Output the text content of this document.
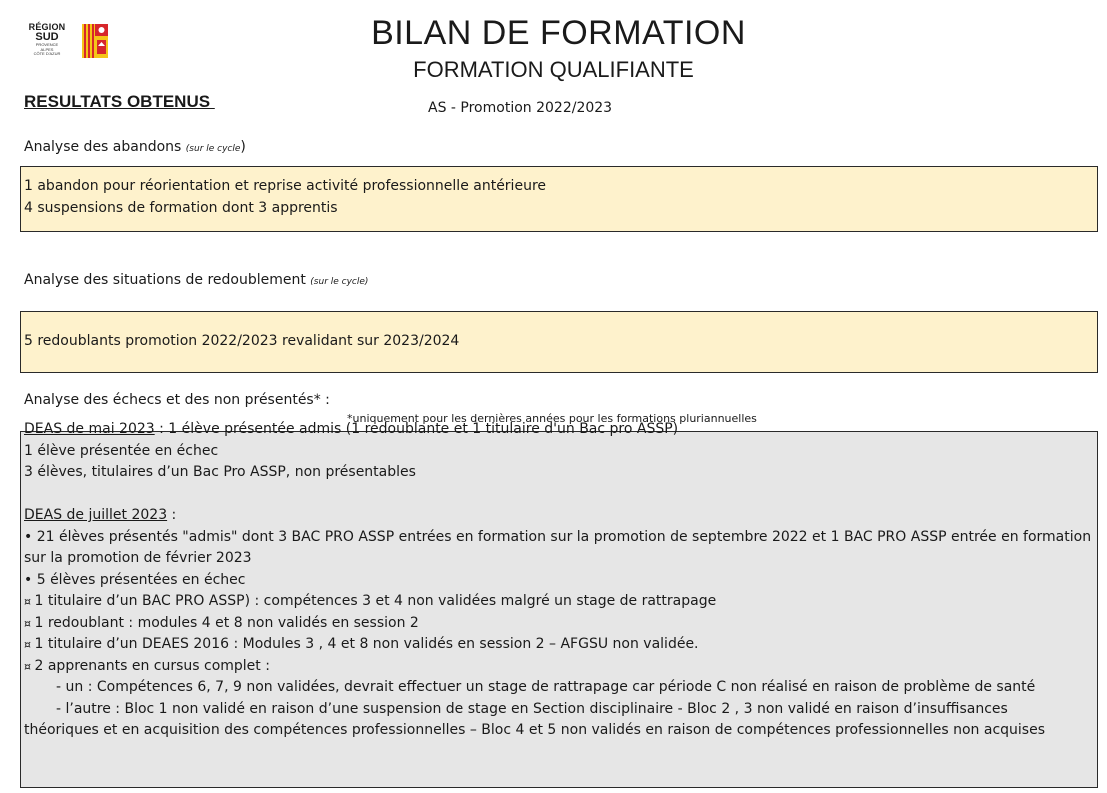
RÉGION
SUD
PROVENCE
ALPES
CÔTE D'AZUR
BILAN DE FORMATION
FORMATION QUALIFIANTE
RESULTATS OBTENUS	AS - Promotion 2022/2023
Analyse des abandons (sur le cycle)
1 abandon pour réorientation et reprise activité professionnelle antérieure
4 suspensions de formation dont 3 apprentis
Analyse des situations de redoublement (sur le cycle)
5 redoublants promotion 2022/2023 revalidant sur 2023/2024
Analyse des échecs et des non présentés* :
*uniquement pour les dernières années pour les formations pluriannuelles
DEAS de mai 2023 : 1 élève présentée admis (1 redoublante et 1 titulaire d'un Bac pro ASSP)
1 élève présentée en échec
3 élèves, titulaires d’un Bac Pro ASSP, non présentables
DEAS de juillet 2023 :
• 21 élèves présentés "admis" dont 3 BAC PRO ASSP entrées en formation sur la promotion de septembre 2022 et 1 BAC PRO ASSP entrée en formation sur la promotion de février 2023
• 5 élèves présentées en échec
¤ 1 titulaire d’un BAC PRO ASSP) : compétences 3 et 4 non validées malgré un stage de rattrapage
¤ 1 redoublant : modules 4 et 8 non validés en session 2
¤ 1 titulaire d’un DEAES 2016 : Modules 3 , 4 et 8 non validés en session 2 – AFGSU non validée.
¤ 2 apprenants en cursus complet :
- un : Compétences 6, 7, 9 non validées, devrait effectuer un stage de rattrapage car période C non réalisé en raison de problème de santé
- l’autre : Bloc 1 non validé en raison d’une suspension de stage en Section disciplinaire - Bloc 2 , 3 non validé en raison d’insuffisances
théoriques et en acquisition des compétences professionnelles – Bloc 4 et 5 non validés en raison de compétences professionnelles non acquises
